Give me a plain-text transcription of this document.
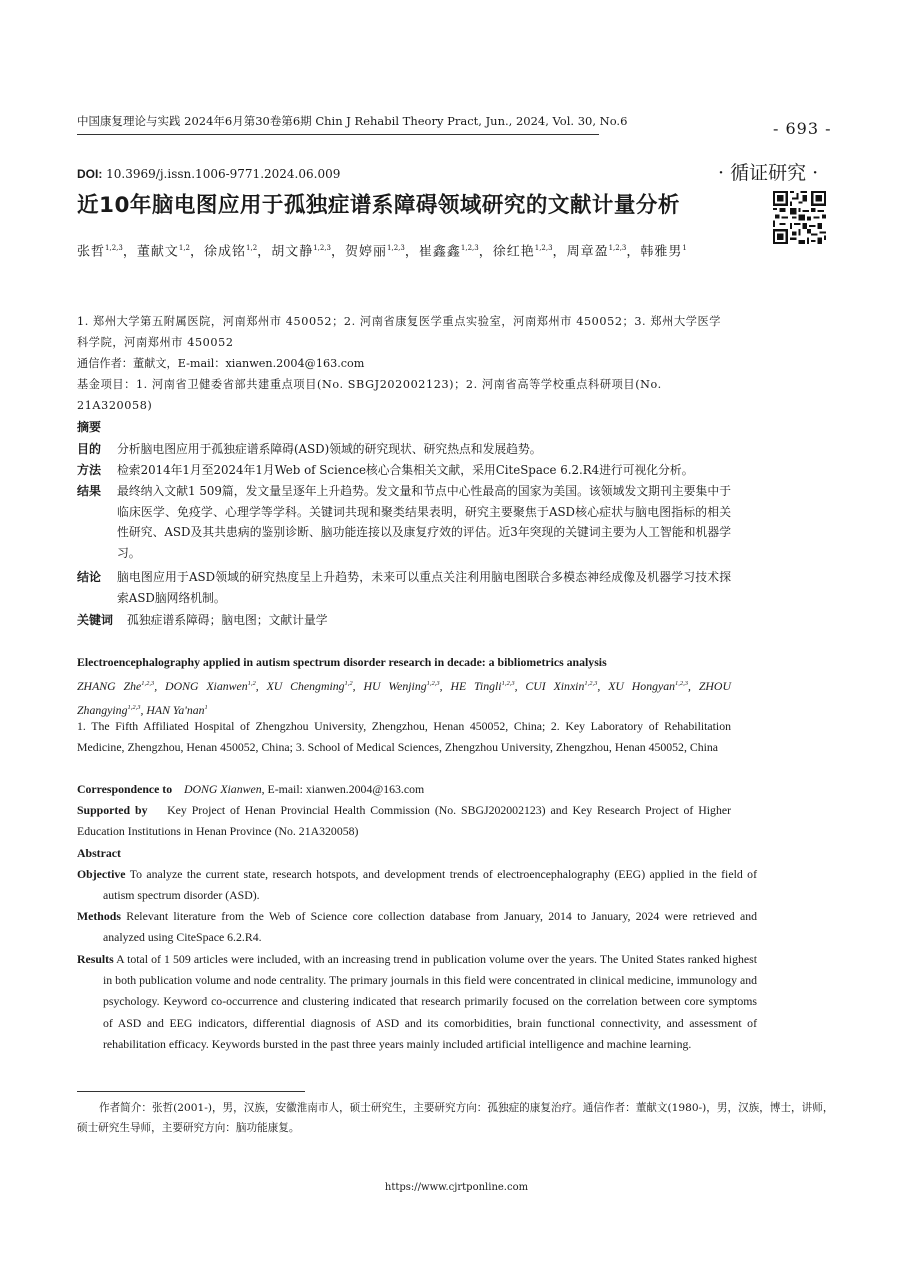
中国康复理论与实践 2024年6月第30卷第6期 Chin J Rehabil Theory Pract, Jun., 2024, Vol. 30, No.6	- 693 -
DOI: 10.3969/j.issn.1006-9771.2024.06.009	· 循证研究 ·
近10年脑电图应用于孤独症谱系障碍领域研究的文献计量分析
张哲$^{1,2,3}$，董献文$^{1,2}$，徐成铭$^{1,2}$，胡文静$^{1,2,3}$，贺婷丽$^{1,2,3}$，崔鑫鑫$^{1,2,3}$，徐红艳$^{1,2,3}$，周章盈$^{1,2,3}$，韩雅男$^1$
1. 郑州大学第五附属医院，河南郑州市 450052；2. 河南省康复医学重点实验室，河南郑州市 450052；3. 郑州大学医学科学院，河南郑州市 450052
通信作者：董献文，E-mail：xianwen.2004@163.com
基金项目：1. 河南省卫健委省部共建重点项目(No. SBGJ202002123)；2. 河南省高等学校重点科研项目(No. 21A320058)
摘要
目的 分析脑电图应用于孤独症谱系障碍(ASD)领域的研究现状、研究热点和发展趋势。
方法 检索2014年1月至2024年1月Web of Science核心合集相关文献，采用CiteSpace 6.2.R4进行可视化分析。
结果 最终纳入文献1 509篇，发文量呈逐年上升趋势。发文量和节点中心性最高的国家为美国。该领域发文期刊主要集中于临床医学、免疫学、心理学等学科。关键词共现和聚类结果表明，研究主要聚焦于ASD核心症状与脑电图指标的相关性研究、ASD及其共患病的鉴别诊断、脑功能连接以及康复疗效的评估。近3年突现的关键词主要为人工智能和机器学习。
结论 脑电图应用于ASD领域的研究热度呈上升趋势，未来可以重点关注利用脑电图联合多模态神经成像及机器学习技术探索ASD脑网络机制。
关键词 孤独症谱系障碍；脑电图；文献计量学
Electroencephalography applied in autism spectrum disorder research in decade: a bibliometrics analysis
ZHANG Zhe$^{1,2,3}$, DONG Xianwen$^{1,2}$, XU Chengming$^{1,2}$, HU Wenjing$^{1,2,3}$, HE Tingli$^{1,2,3}$, CUI Xinxin$^{1,2,3}$, XU Hongyan$^{1,2,3}$, ZHOU Zhangying$^{1,2,3}$, HAN Ya'nan$^1$
1. The Fifth Affiliated Hospital of Zhengzhou University, Zhengzhou, Henan 450052, China; 2. Key Laboratory of Rehabilitation Medicine, Zhengzhou, Henan 450052, China; 3. School of Medical Sciences, Zhengzhou University, Zhengzhou, Henan 450052, China
Correspondence to DONG Xianwen, E-mail: xianwen.2004@163.com
Supported by Key Project of Henan Provincial Health Commission (No. SBGJ202002123) and Key Research Project of Higher Education Institutions in Henan Province (No. 21A320058)
Abstract
Objective To analyze the current state, research hotspots, and development trends of electroencephalography (EEG) applied in the field of autism spectrum disorder (ASD).
Methods Relevant literature from the Web of Science core collection database from January, 2014 to January, 2024 were retrieved and analyzed using CiteSpace 6.2.R4.
Results A total of 1 509 articles were included, with an increasing trend in publication volume over the years. The United States ranked highest in both publication volume and node centrality. The primary journals in this field were concentrated in clinical medicine, immunology and psychology. Keyword co-occurrence and clustering indicated that research primarily focused on the correlation between core symptoms of ASD and EEG indicators, differential diagnosis of ASD and its comorbidities, brain functional connectivity, and assessment of rehabilitation efficacy. Keywords bursted in the past three years mainly included artificial intelligence and machine learning.
作者简介：张哲(2001-)，男，汉族，安徽淮南市人，硕士研究生，主要研究方向：孤独症的康复治疗。通信作者：董献文(1980-)，男，汉族，博士，讲师，硕士研究生导师，主要研究方向：脑功能康复。
https://www.cjrtponline.com
